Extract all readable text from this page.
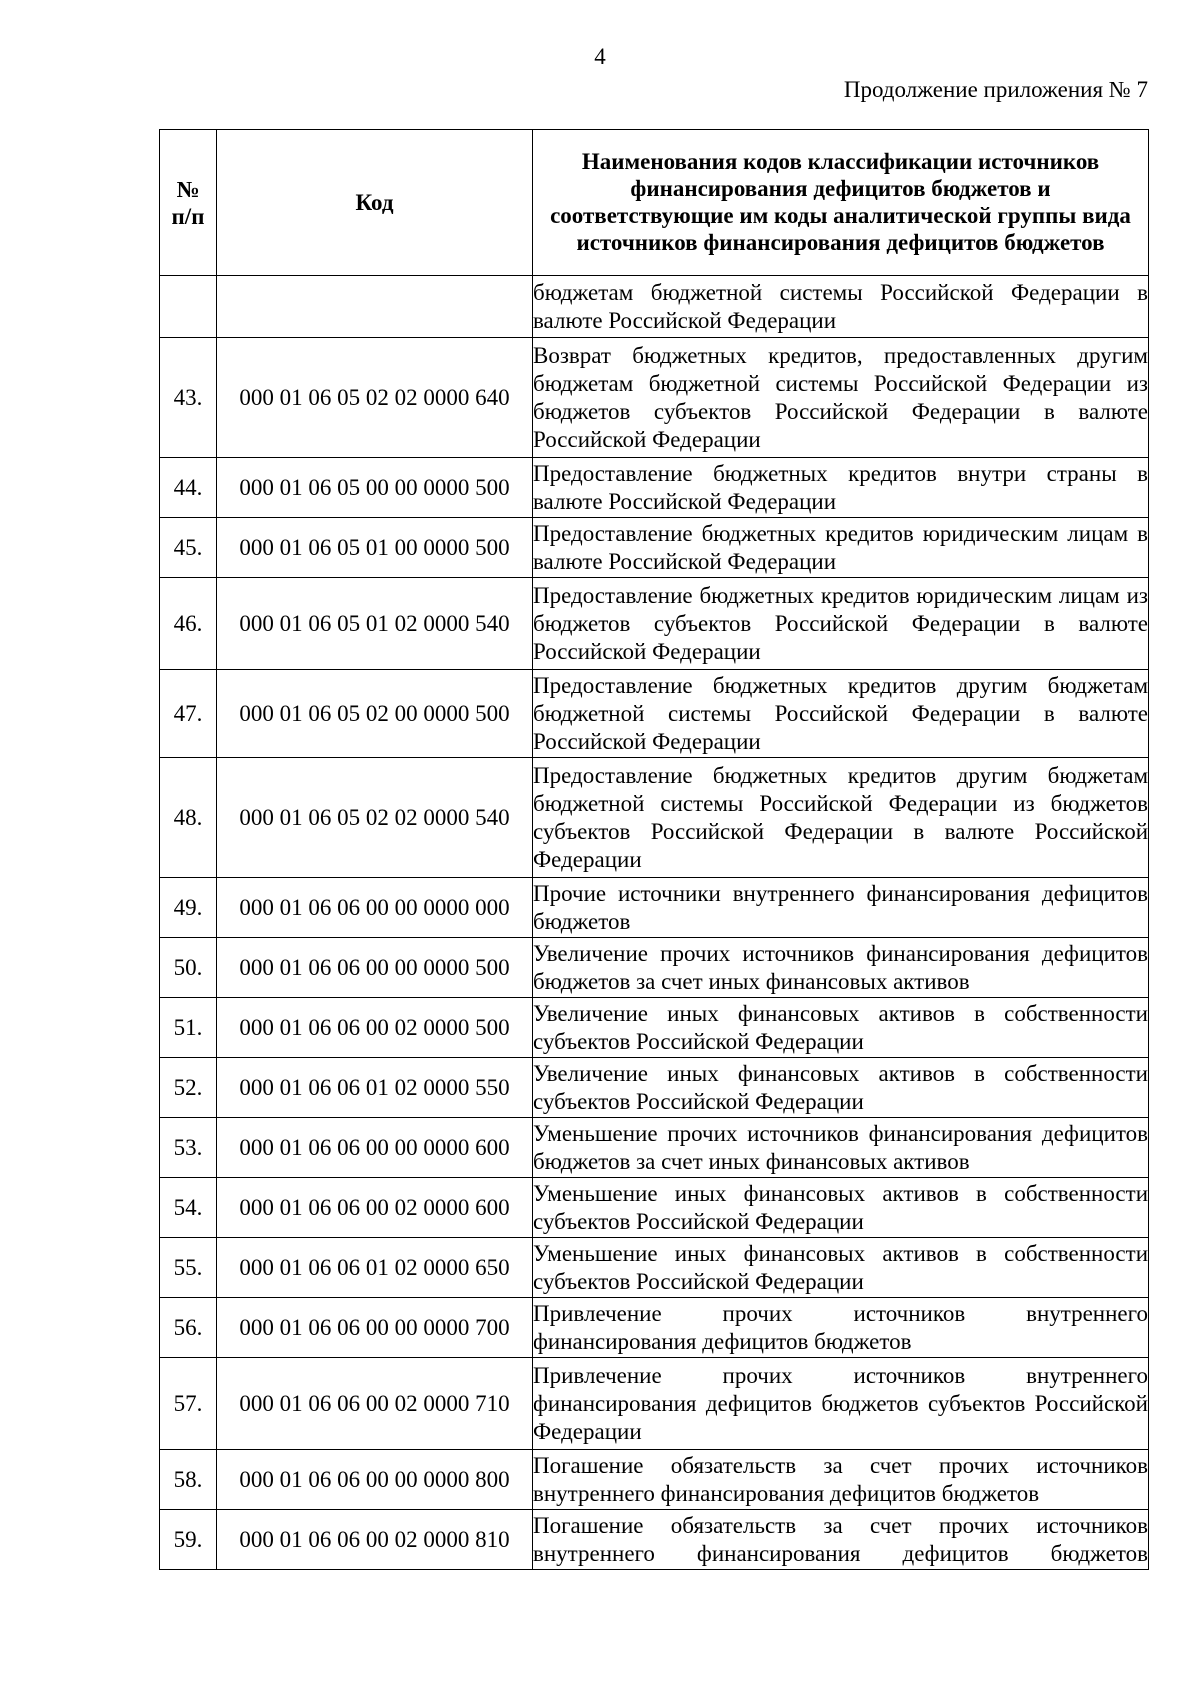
4
Продолжение приложения № 7
№ п/п	Код	Наименования кодов классификации источников финансирования дефицитов бюджетов и соответствующие им коды аналитической группы вида источников финансирования дефицитов бюджетов
		бюджетам бюджетной системы Российской Федерации в валюте Российской Федерации
43.	000 01 06 05 02 02 0000 640	Возврат бюджетных кредитов, предоставленных другим бюджетам бюджетной системы Российской Федерации из бюджетов субъектов Российской Федерации в валюте Российской Федерации
44.	000 01 06 05 00 00 0000 500	Предоставление бюджетных кредитов внутри страны в валюте Российской Федерации
45.	000 01 06 05 01 00 0000 500	Предоставление бюджетных кредитов юридическим лицам в валюте Российской Федерации
46.	000 01 06 05 01 02 0000 540	Предоставление бюджетных кредитов юридическим лицам из бюджетов субъектов Российской Федерации в валюте Российской Федерации
47.	000 01 06 05 02 00 0000 500	Предоставление бюджетных кредитов другим бюджетам бюджетной системы Российской Федерации в валюте Российской Федерации
48.	000 01 06 05 02 02 0000 540	Предоставление бюджетных кредитов другим бюджетам бюджетной системы Российской Федерации из бюджетов субъектов Российской Федерации в валюте Российской Федерации
49.	000 01 06 06 00 00 0000 000	Прочие источники внутреннего финансирования дефицитов бюджетов
50.	000 01 06 06 00 00 0000 500	Увеличение прочих источников финансирования дефицитов бюджетов за счет иных финансовых активов
51.	000 01 06 06 00 02 0000 500	Увеличение иных финансовых активов в собственности субъектов Российской Федерации
52.	000 01 06 06 01 02 0000 550	Увеличение иных финансовых активов в собственности субъектов Российской Федерации
53.	000 01 06 06 00 00 0000 600	Уменьшение прочих источников финансирования дефицитов бюджетов за счет иных финансовых активов
54.	000 01 06 06 00 02 0000 600	Уменьшение иных финансовых активов в собственности субъектов Российской Федерации
55.	000 01 06 06 01 02 0000 650	Уменьшение иных финансовых активов в собственности субъектов Российской Федерации
56.	000 01 06 06 00 00 0000 700	Привлечение прочих источников внутреннего финансирования дефицитов бюджетов
57.	000 01 06 06 00 02 0000 710	Привлечение прочих источников внутреннего финансирования дефицитов бюджетов субъектов Российской Федерации
58.	000 01 06 06 00 00 0000 800	Погашение обязательств за счет прочих источников внутреннего финансирования дефицитов бюджетов
59.	000 01 06 06 00 02 0000 810	Погашение обязательств за счет прочих источников внутреннего финансирования дефицитов бюджетов
